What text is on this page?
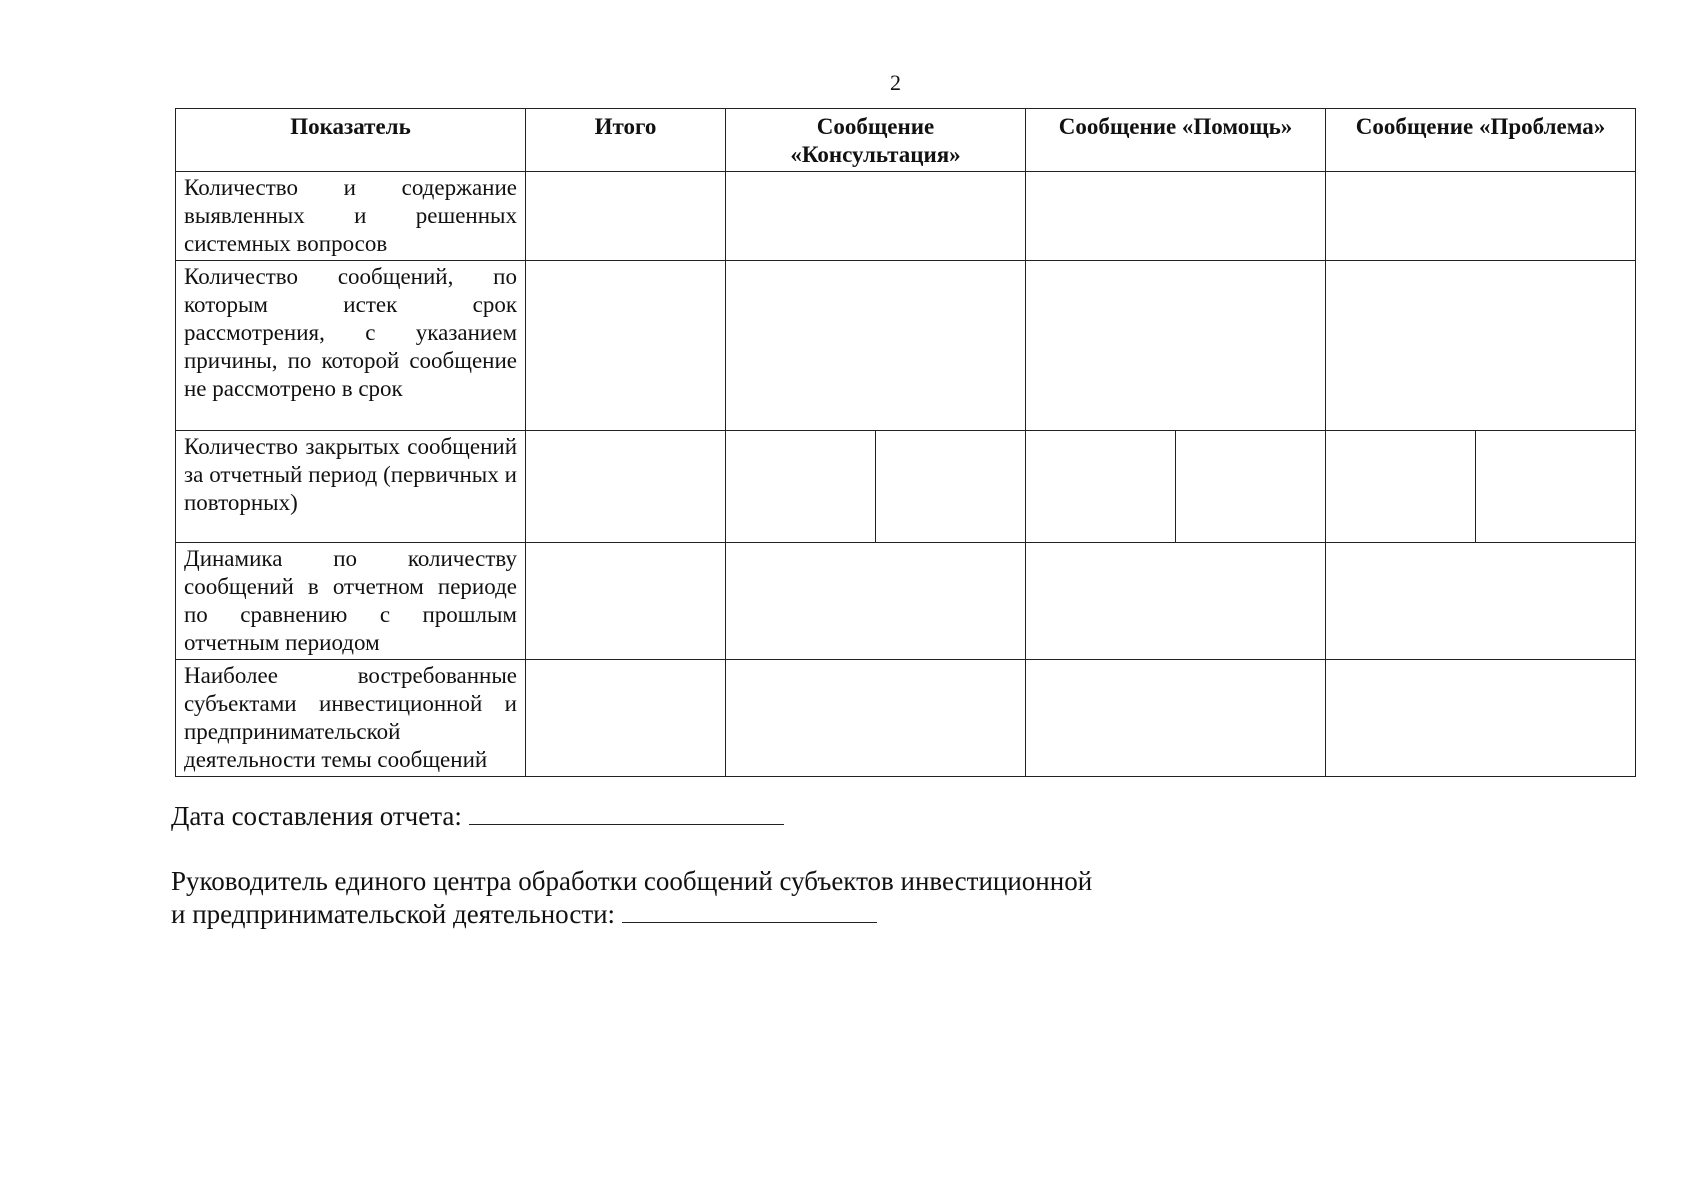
2
Показатель	Итого	Сообщение «Консультация»		Сообщение «Помощь»		Сообщение «Проблема»	
Количество и содержание выявленных и решенных системных вопросов							
Количество сообщений, по которым истек срок рассмотрения, с указанием причины, по которой сообщение не рассмотрено в срок							
Количество закрытых сообщений за отчетный период (первичных и повторных)							
Динамика по количеству сообщений в отчетном периоде по сравнению с прошлым отчетным периодом							
Наиболее востребованные субъектами инвестиционной и предпринимательской деятельности темы сообщений							
Дата составления отчета:
Руководитель единого центра обработки сообщений субъектов инвестиционной
и предпринимательской деятельности:
